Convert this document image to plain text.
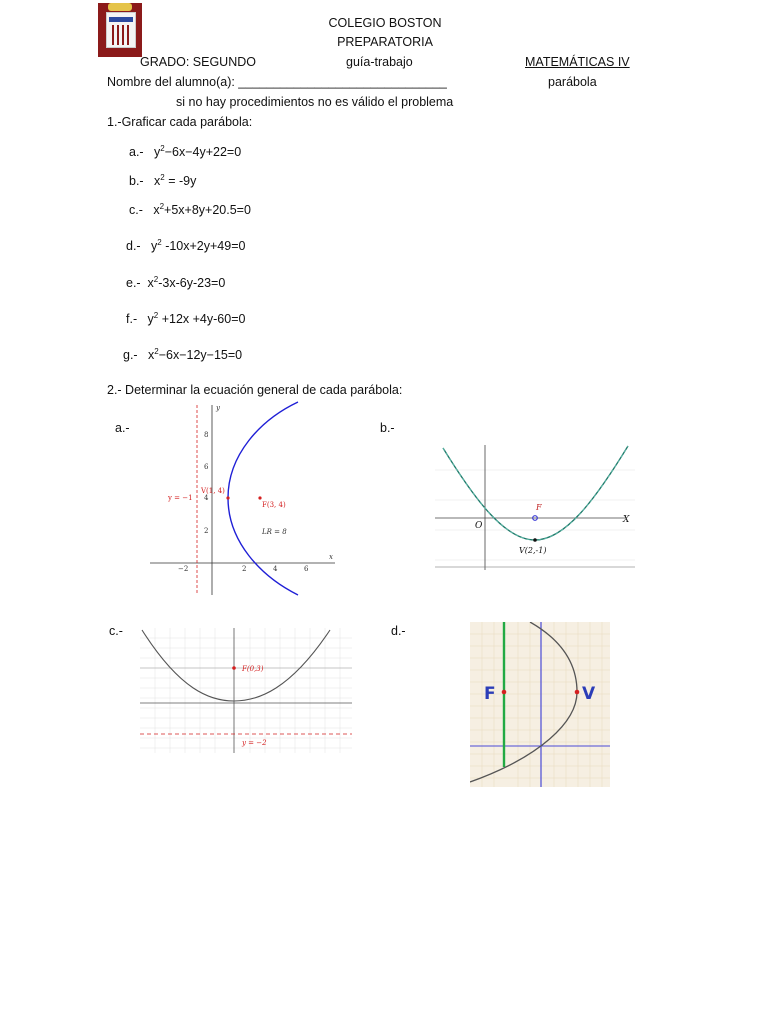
COLEGIO BOSTON
PREPARATORIA
GRADO: SEGUNDO	guía-trabajo	MATEMÁTICAS IV
Nombre del alumno(a): ______________________________	parábola
si no hay procedimientos no es válido el problema
1.-Graficar cada parábola:
a.- $y^2-6x-4y+22=0$
b.- $x^2 = -9y$
c.- $x^2+5x+8y+20.5=0$
d.- $y^2$ -10x+2y+49=0
e.- $x^2-3x-6y-23=0$
f.- $y^2 +12x +4y-60=0$
g.- $x^2-6x-12y-15=0$
2.- Determinar la ecuación general de cada parábola:
a.-	b.-
c.-	d.-
−2	2	4	6
2
4
6
8
y
x
y = −1
V(1, 4)
F(3, 4)
LR = 8
F
V(2,-1)
O
X
F(0,3)
y = −2
F	V
